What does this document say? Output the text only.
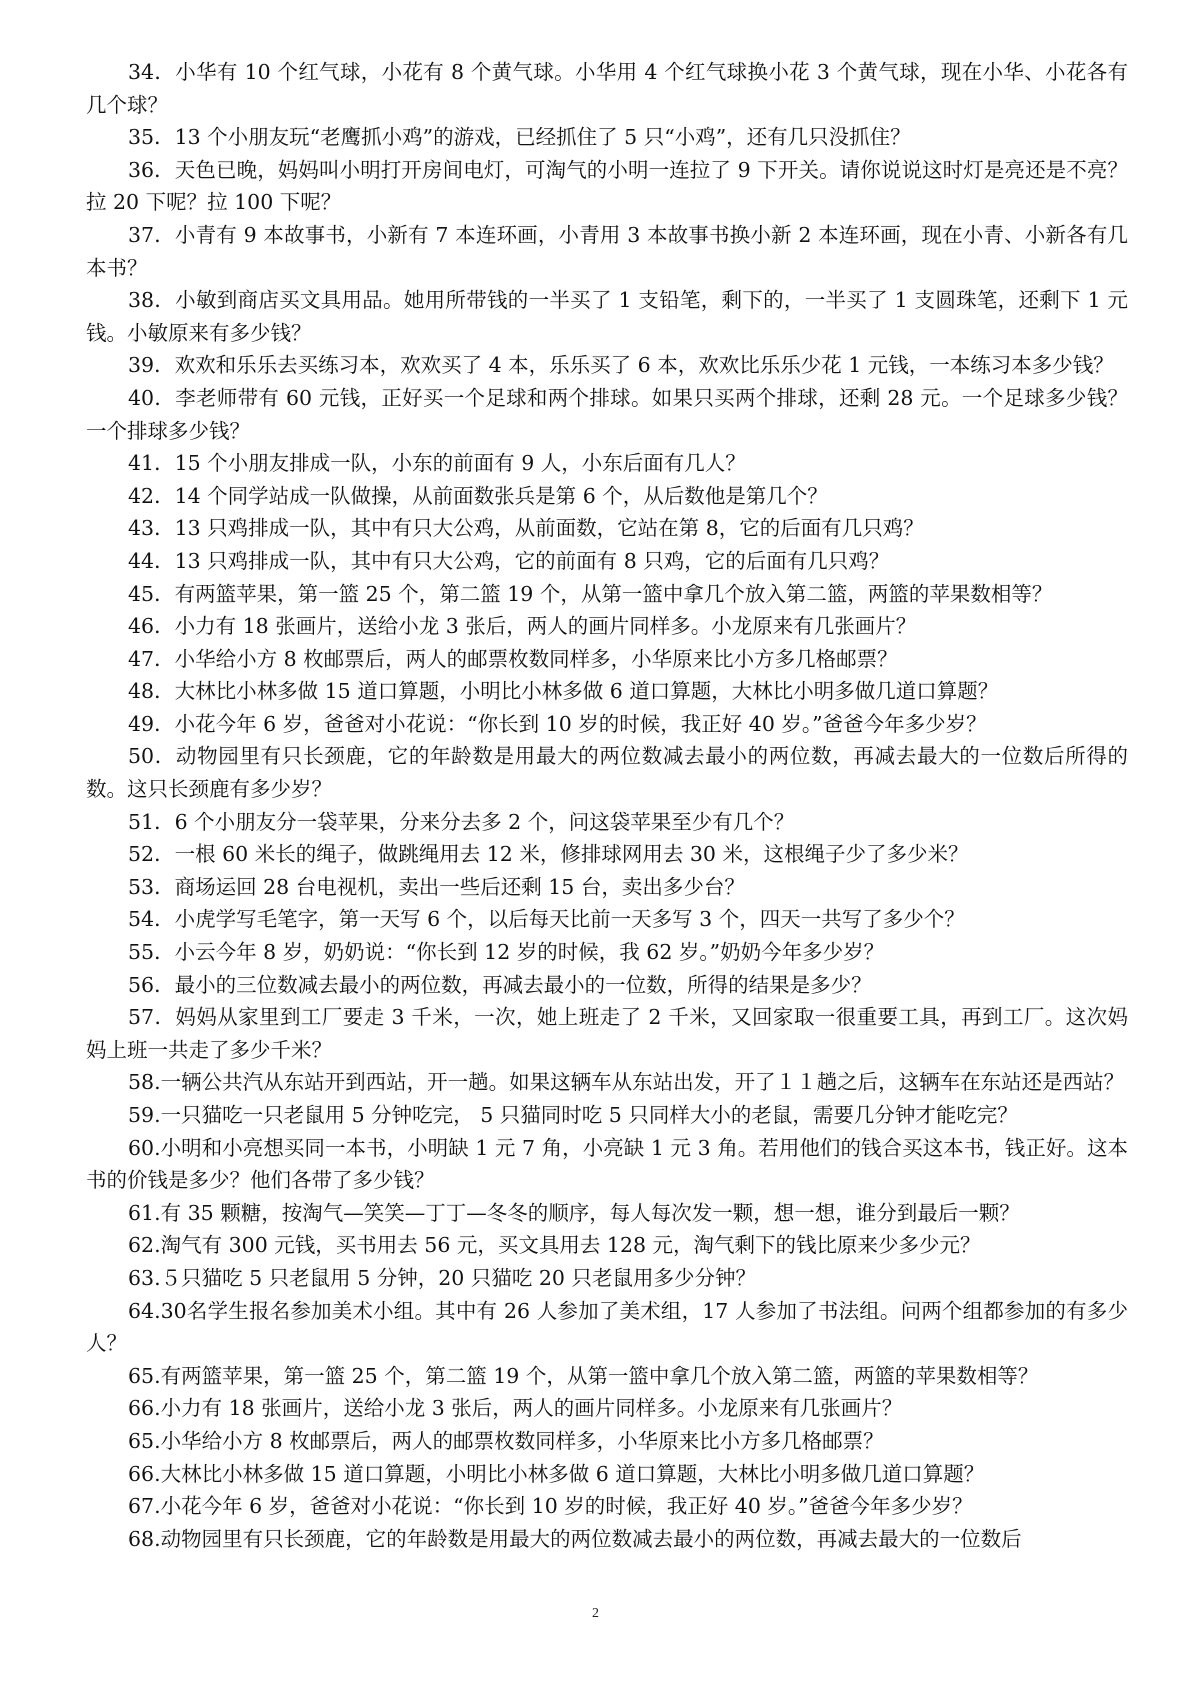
34．小华有 10 个红气球，小花有 8 个黄气球。小华用 4 个红气球换小花 3 个黄气球，现在小华、小花各有几个球？

35．13 个小朋友玩“老鹰抓小鸡”的游戏，已经抓住了 5 只“小鸡”，还有几只没抓住？

36．天色已晚，妈妈叫小明打开房间电灯，可淘气的小明一连拉了 9 下开关。请你说说这时灯是亮还是不亮？拉 20 下呢？拉 100 下呢？

37．小青有 9 本故事书，小新有 7 本连环画，小青用 3 本故事书换小新 2 本连环画，现在小青、小新各有几本书？

38．小敏到商店买文具用品。她用所带钱的一半买了 1 支铅笔，剩下的，一半买了 1 支圆珠笔，还剩下 1 元钱。小敏原来有多少钱？

39．欢欢和乐乐去买练习本，欢欢买了 4 本，乐乐买了 6 本，欢欢比乐乐少花 1 元钱，一本练习本多少钱？

40．李老师带有 60 元钱，正好买一个足球和两个排球。如果只买两个排球，还剩 28 元。一个足球多少钱？一个排球多少钱？

41．15 个小朋友排成一队，小东的前面有 9 人，小东后面有几人？

42．14 个同学站成一队做操，从前面数张兵是第 6 个，从后数他是第几个？

43．13 只鸡排成一队，其中有只大公鸡，从前面数，它站在第 8，它的后面有几只鸡？

44．13 只鸡排成一队，其中有只大公鸡，它的前面有 8 只鸡，它的后面有几只鸡？

45．有两篮苹果，第一篮 25 个，第二篮 19 个，从第一篮中拿几个放入第二篮，两篮的苹果数相等？

46．小力有 18 张画片，送给小龙 3 张后，两人的画片同样多。小龙原来有几张画片？

47．小华给小方 8 枚邮票后，两人的邮票枚数同样多，小华原来比小方多几格邮票？

48．大林比小林多做 15 道口算题，小明比小林多做 6 道口算题，大林比小明多做几道口算题？

49．小花今年 6 岁，爸爸对小花说：“你长到 10 岁的时候，我正好 40 岁。”爸爸今年多少岁？

50．动物园里有只长颈鹿，它的年龄数是用最大的两位数减去最小的两位数，再减去最大的一位数后所得的数。这只长颈鹿有多少岁？

51．6 个小朋友分一袋苹果，分来分去多 2 个，问这袋苹果至少有几个？

52．一根 60 米长的绳子，做跳绳用去 12 米，修排球网用去 30 米，这根绳子少了多少米？

53．商场运回 28 台电视机，卖出一些后还剩 15 台，卖出多少台？

54．小虎学写毛笔字，第一天写 6 个，以后每天比前一天多写 3 个，四天一共写了多少个？

55．小云今年 8 岁，奶奶说：“你长到 12 岁的时候，我 62 岁。”奶奶今年多少岁？

56．最小的三位数减去最小的两位数，再减去最小的一位数，所得的结果是多少？

57．妈妈从家里到工厂要走 3 千米，一次，她上班走了 2 千米，又回家取一很重要工具，再到工厂。这次妈妈上班一共走了多少千米？

58.一辆公共汽从东站开到西站，开一趟。如果这辆车从东站出发，开了１１趟之后，这辆车在东站还是西站？

59.一只猫吃一只老鼠用 5 分钟吃完， 5 只猫同时吃 5 只同样大小的老鼠，需要几分钟才能吃完？

60.小明和小亮想买同一本书，小明缺 1 元 7 角，小亮缺 1 元 3 角。若用他们的钱合买这本书，钱正好。这本书的价钱是多少？他们各带了多少钱？

61.有 35 颗糖，按淘气—笑笑—丁丁—冬冬的顺序，每人每次发一颗，想一想，谁分到最后一颗？

62.淘气有 300 元钱，买书用去 56 元，买文具用去 128 元，淘气剩下的钱比原来少多少元？

63.５只猫吃 5 只老鼠用 5 分钟，20 只猫吃 20 只老鼠用多少分钟？

64.30名学生报名参加美术小组。其中有 26 人参加了美术组，17 人参加了书法组。问两个组都参加的有多少人？

65.有两篮苹果，第一篮 25 个，第二篮 19 个，从第一篮中拿几个放入第二篮，两篮的苹果数相等？

66.小力有 18 张画片，送给小龙 3 张后，两人的画片同样多。小龙原来有几张画片？

65.小华给小方 8 枚邮票后，两人的邮票枚数同样多，小华原来比小方多几格邮票？

66.大林比小林多做 15 道口算题，小明比小林多做 6 道口算题，大林比小明多做几道口算题？

67.小花今年 6 岁，爸爸对小花说：“你长到 10 岁的时候，我正好 40 岁。”爸爸今年多少岁？

68.动物园里有只长颈鹿，它的年龄数是用最大的两位数减去最小的两位数，再减去最大的一位数后

2
